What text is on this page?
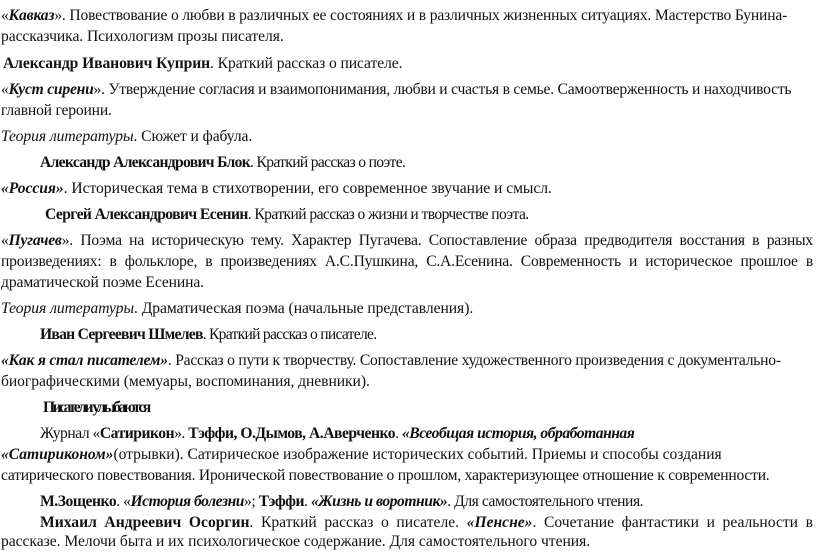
«Кавказ». Повествование о любви в различных ее состояниях и в различных жизненных ситуациях. Мастерство Бунина-
рассказчика. Психологизм прозы писателя.
Александр Иванович Куприн. Краткий рассказ о писателе.
«Куст сирени». Утверждение согласия и взаимопонимания, любви и счастья в семье. Самоотверженность и находчивость
главной героини.
Теория литературы. Сюжет и фабула.
Александр Александрович Блок. Краткий рассказ о поэте.
«Россия». Историческая тема в стихотворении, его современное звучание и смысл.
Сергей Александрович Есенин. Краткий рассказ о жизни и творчестве поэта.
«Пугачев». Поэма на историческую тему. Характер Пугачева. Сопоставление образа предводителя восстания в разных
произведениях: в фольклоре, в произведениях А.С.Пушкина, С.А.Есенина. Современность и историческое прошлое в
драматической поэме Есенина.
Теория литературы. Драматическая поэма (начальные представления).
Иван Сергеевич Шмелев. Краткий рассказ о писателе.
«Как я стал писателем». Рассказ о пути к творчеству. Сопоставление художественного произведения с документально-
биографическими (мемуары, воспоминания, дневники).
Писатели улыбаются
Журнал «Сатирикон». Тэффи, О.Дымов, А.Аверченко. «Всеобщая история, обработанная
«Сатириконом»(отрывки). Сатирическое изображение исторических событий. Приемы и способы создания
сатирического повествования. Иронической повествование о прошлом, характеризующее отношение к современности.
М.Зощенко. «История болезни»; Тэффи. «Жизнь и воротник». Для самостоятельного чтения.
Михаил Андреевич Осоргин. Краткий рассказ о писателе. «Пенсне». Сочетание фантастики и реальности в
рассказе. Мелочи быта и их психологическое содержание. Для самостоятельного чтения.
